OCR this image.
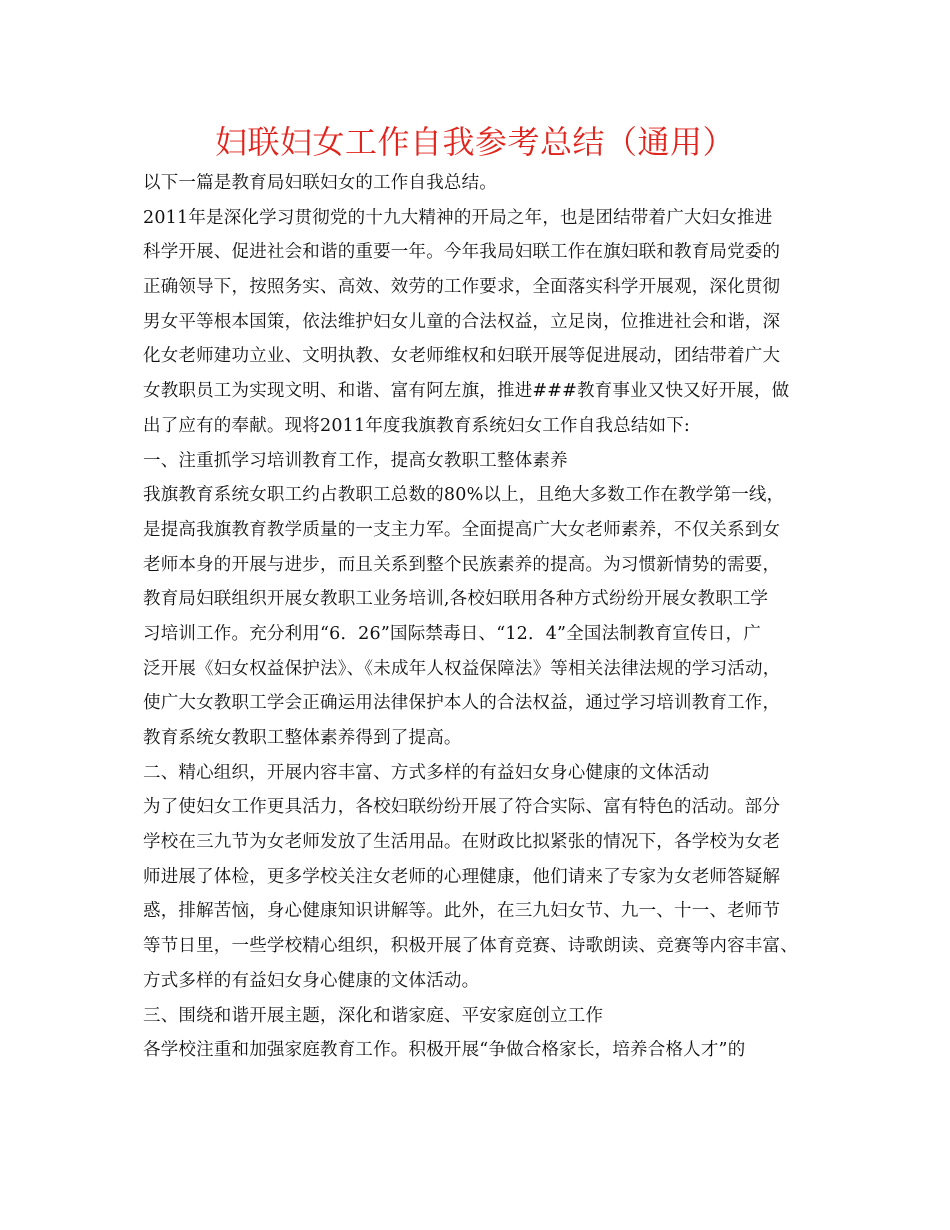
妇联妇女工作自我参考总结（通用）
以下一篇是教育局妇联妇女的工作自我总结。
2011年是深化学习贯彻党的十九大精神的开局之年，也是团结带着广大妇女推进
科学开展、促进社会和谐的重要一年。今年我局妇联工作在旗妇联和教育局党委的
正确领导下，按照务实、高效、效劳的工作要求，全面落实科学开展观，深化贯彻
男女平等根本国策，依法维护妇女儿童的合法权益，立足岗，位推进社会和谐，深
化女老师建功立业、文明执教、女老师维权和妇联开展等促进展动，团结带着广大
女教职员工为实现文明、和谐、富有阿左旗，推进###教育事业又快又好开展，做
出了应有的奉献。现将2011年度我旗教育系统妇女工作自我总结如下:
一、注重抓学习培训教育工作，提高女教职工整体素养
我旗教育系统女职工约占教职工总数的80%以上，且绝大多数工作在教学第一线，
是提高我旗教育教学质量的一支主力军。全面提高广大女老师素养，不仅关系到女
老师本身的开展与进步，而且关系到整个民族素养的提高。为习惯新情势的需要，
教育局妇联组织开展女教职工业务培训,各校妇联用各种方式纷纷开展女教职工学
习培训工作。充分利用“6．26”国际禁毒日、“12．4”全国法制教育宣传日，广
泛开展《妇女权益保护法》、《未成年人权益保障法》等相关法律法规的学习活动，
使广大女教职工学会正确运用法律保护本人的合法权益，通过学习培训教育工作，
教育系统女教职工整体素养得到了提高。
二、精心组织，开展内容丰富、方式多样的有益妇女身心健康的文体活动
为了使妇女工作更具活力，各校妇联纷纷开展了符合实际、富有特色的活动。部分
学校在三九节为女老师发放了生活用品。在财政比拟紧张的情况下，各学校为女老
师进展了体检，更多学校关注女老师的心理健康，他们请来了专家为女老师答疑解
惑，排解苦恼，身心健康知识讲解等。此外，在三九妇女节、九一、十一、老师节
等节日里，一些学校精心组织，积极开展了体育竞赛、诗歌朗读、竞赛等内容丰富、
方式多样的有益妇女身心健康的文体活动。
三、围绕和谐开展主题，深化和谐家庭、平安家庭创立工作
各学校注重和加强家庭教育工作。积极开展“争做合格家长，培养合格人才”的
